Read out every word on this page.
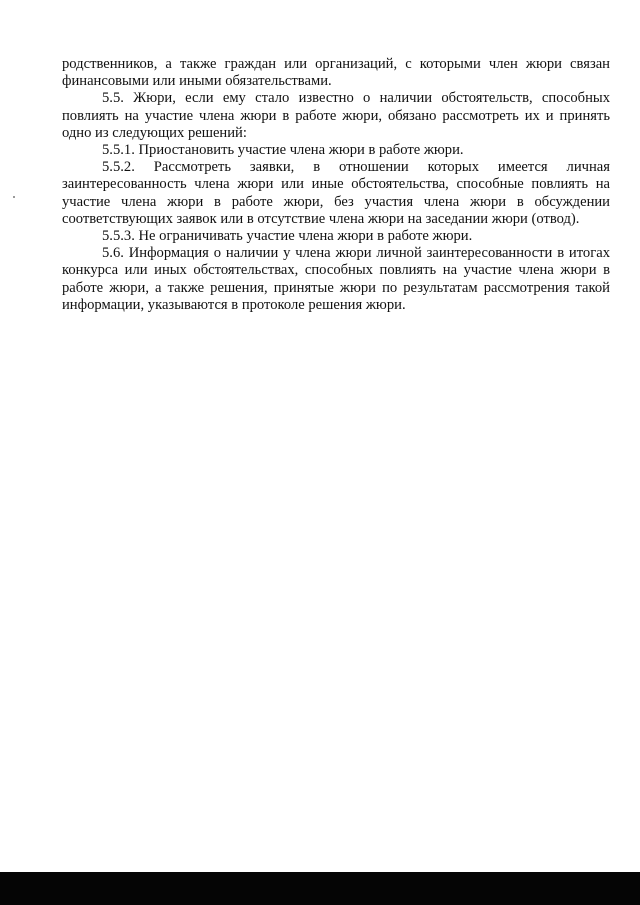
родственников, а также граждан или организаций, с которыми член жюри связан финансовыми или иными обязательствами.

5.5. Жюри, если ему стало известно о наличии обстоятельств, способных повлиять на участие члена жюри в работе жюри, обязано рассмотреть их и принять одно из следующих решений:

5.5.1. Приостановить участие члена жюри в работе жюри.

5.5.2. Рассмотреть заявки, в отношении которых имеется личная заинтересованность члена жюри или иные обстоятельства, способные повлиять на участие члена жюри в работе жюри, без участия члена жюри в обсуждении соответствующих заявок или в отсутствие члена жюри на заседании жюри (отвод).

5.5.3. Не ограничивать участие члена жюри в работе жюри.

5.6. Информация о наличии у члена жюри личной заинтересованности в итогах конкурса или иных обстоятельствах, способных повлиять на участие члена жюри в работе жюри, а также решения, принятые жюри по результатам рассмотрения такой информации, указываются в протоколе решения жюри.
